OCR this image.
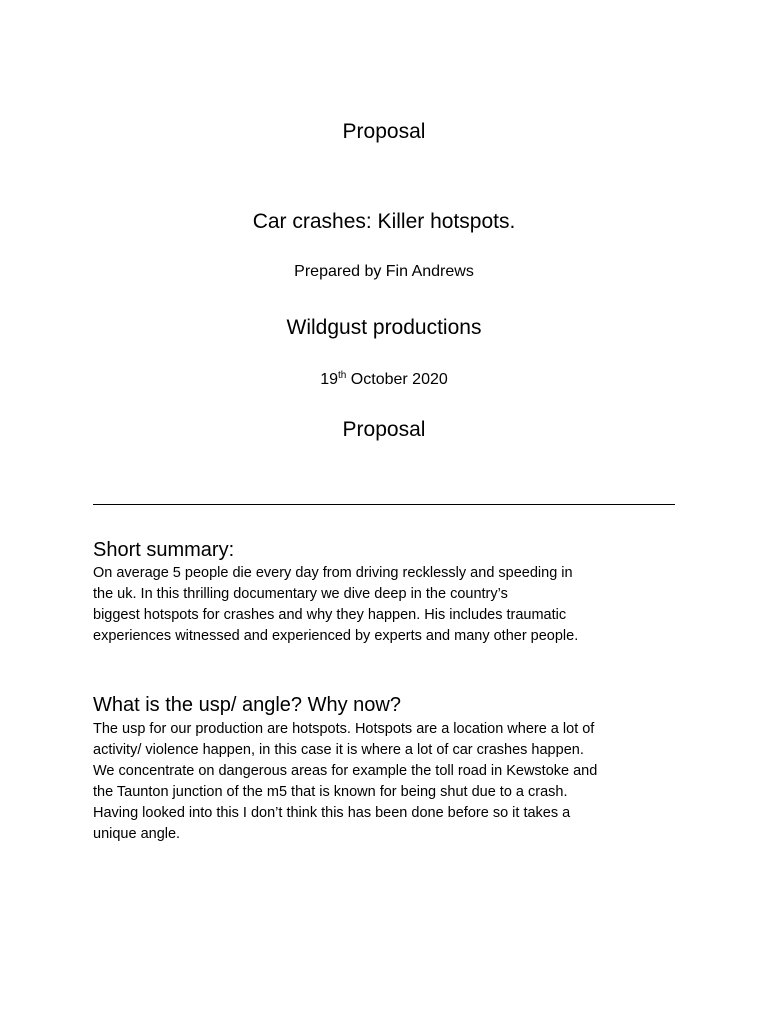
Proposal
Car crashes: Killer hotspots.
Prepared by Fin Andrews
Wildgust productions
19th October 2020
Proposal
Short summary:
On average 5 people die every day from driving recklessly and speeding in
the uk. In this thrilling documentary we dive deep in the country’s
biggest hotspots for crashes and why they happen. His includes traumatic
experiences witnessed and experienced by experts and many other people.
What is the usp/ angle? Why now?
The usp for our production are hotspots. Hotspots are a location where a lot of
activity/ violence happen, in this case it is where a lot of car crashes happen.
We concentrate on dangerous areas for example the toll road in Kewstoke and
the Taunton junction of the m5 that is known for being shut due to a crash.
Having looked into this I don’t think this has been done before so it takes a
unique angle.
